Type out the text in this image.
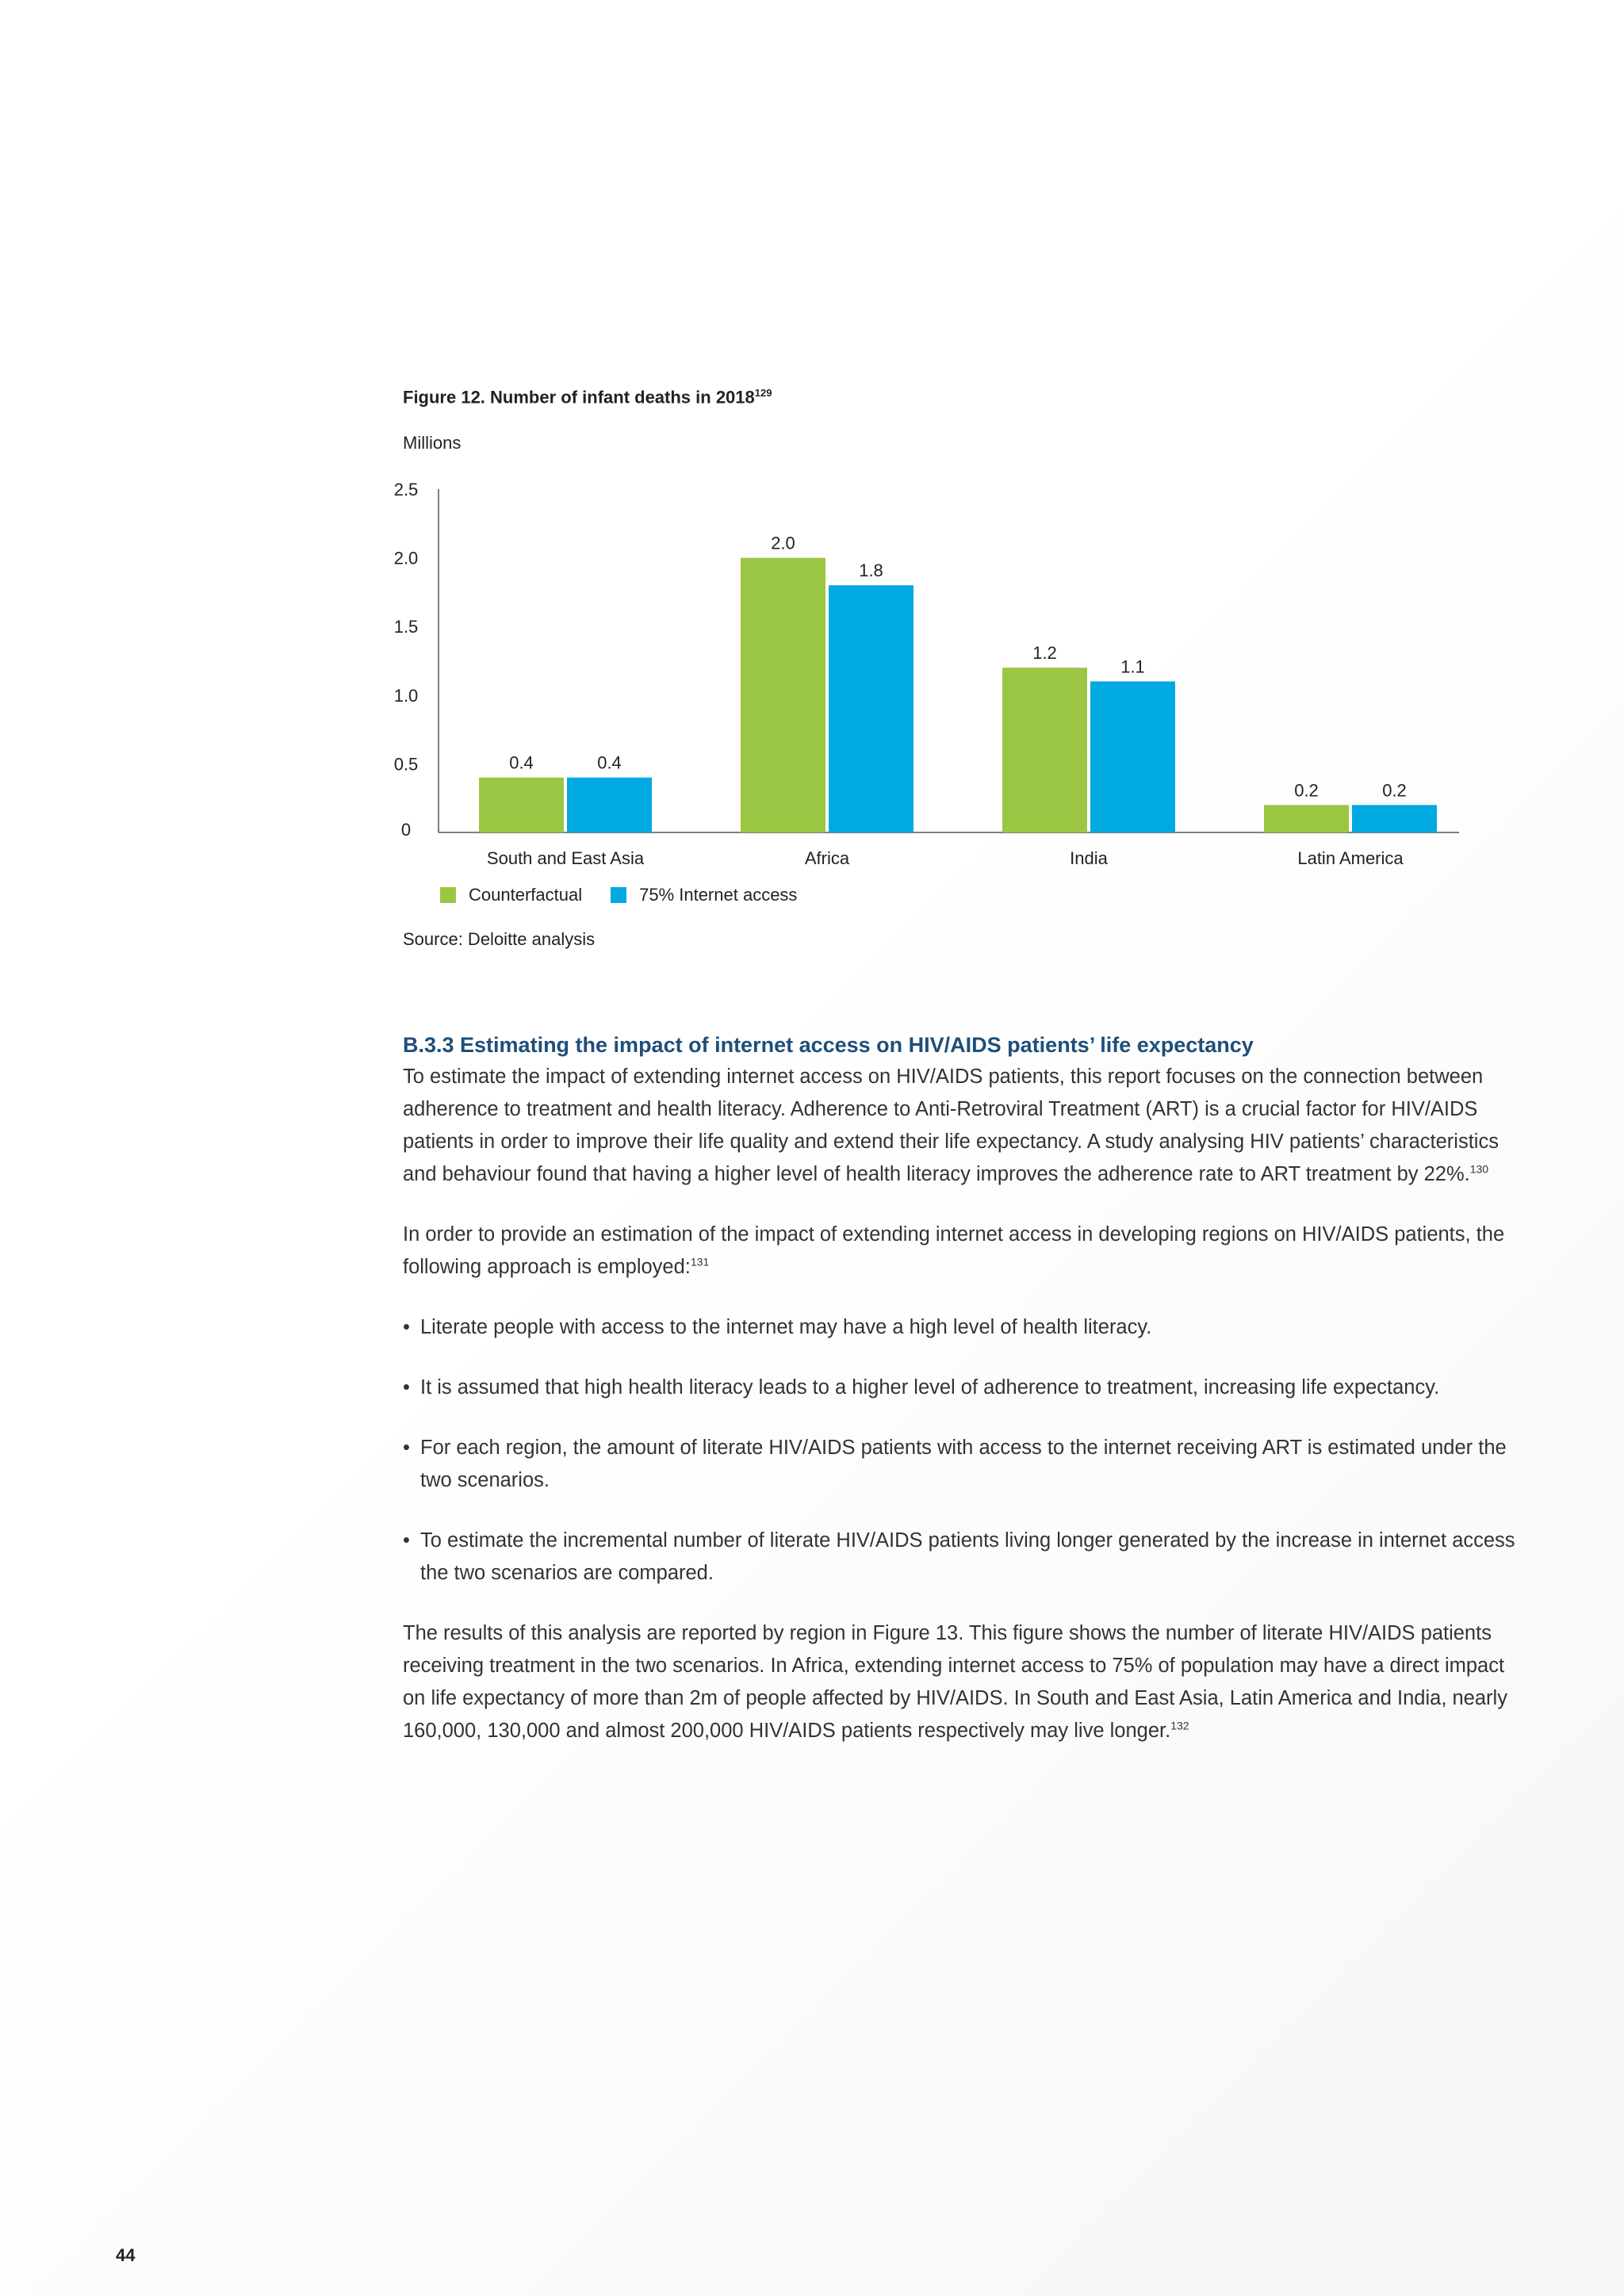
Figure 12. Number of infant deaths in 2018$^{129}$
Millions
0
0.5
1.0
1.5
2.0
2.5
0.4	0.4
South and East Asia
2.0
1.8
Africa
1.2
1.1
India
0.2	0.2
Latin America
Counterfactual	75% Internet access
Source: Deloitte analysis
B.3.3 Estimating the impact of internet access on HIV/AIDS patients’ life expectancy

To estimate the impact of extending internet access on HIV/AIDS patients, this report focuses on the connection between adherence to treatment and health literacy. Adherence to Anti-Retroviral Treatment (ART) is a crucial factor for HIV/AIDS patients in order to improve their life quality and extend their life expectancy. A study analysing HIV patients’ characteristics and behaviour found that having a higher level of health literacy improves the adherence rate to ART treatment by 22%.$^{130}$

In order to provide an estimation of the impact of extending internet access in developing regions on HIV/AIDS patients, the following approach is employed:$^{131}$

• Literate people with access to the internet may have a high level of health literacy.
• It is assumed that high health literacy leads to a higher level of adherence to treatment, increasing life expectancy.
• For each region, the amount of literate HIV/AIDS patients with access to the internet receiving ART is estimated under the two scenarios.
• To estimate the incremental number of literate HIV/AIDS patients living longer generated by the increase in internet access the two scenarios are compared.

The results of this analysis are reported by region in Figure 13. This figure shows the number of literate HIV/AIDS patients receiving treatment in the two scenarios. In Africa, extending internet access to 75% of population may have a direct impact on life expectancy of more than 2m of people affected by HIV/AIDS. In South and East Asia, Latin America and India, nearly 160,000, 130,000 and almost 200,000 HIV/AIDS patients respectively may live longer.$^{132}$

44
